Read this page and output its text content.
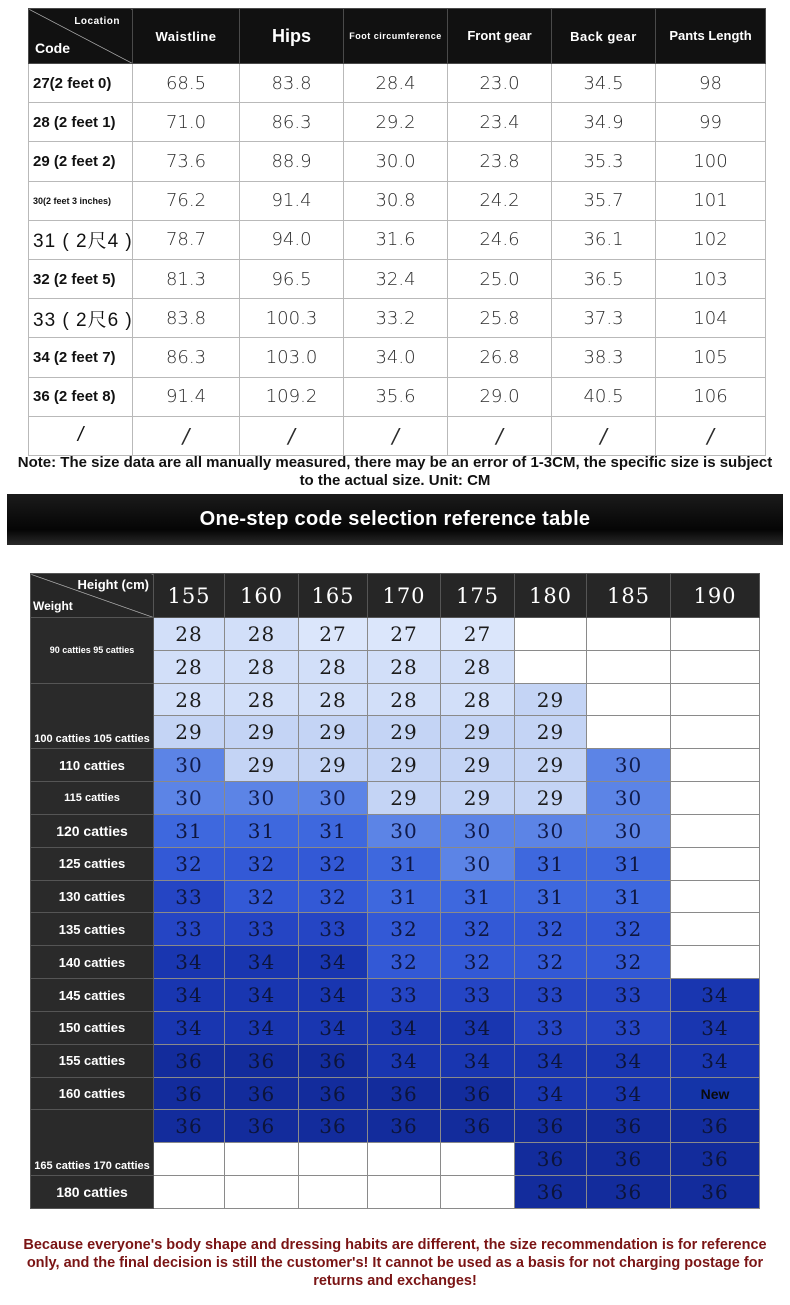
Location
Code	Waistline	Hips	Foot circumference	Front gear	Back gear	Pants Length
27(2 feet 0)	68.5	83.8	28.4	23.0	34.5	98
28 (2 feet 1)	71.0	86.3	29.2	23.4	34.9	99
29 (2 feet 2)	73.6	88.9	30.0	23.8	35.3	100
30(2 feet 3 inches)	76.2	91.4	30.8	24.2	35.7	101
31 ( 2尺4 )	78.7	94.0	31.6	24.6	36.1	102
32 (2 feet 5)	81.3	96.5	32.4	25.0	36.5	103
33 ( 2尺6 )	83.8	100.3	33.2	25.8	37.3	104
34 (2 feet 7)	86.3	103.0	34.0	26.8	38.3	105
36 (2 feet 8)	91.4	109.2	35.6	29.0	40.5	106
/	/	/	/	/	/	/
Note: The size data are all manually measured, there may be an error of 1-3CM, the specific size is subject to the actual size. Unit: CM
One-step code selection reference table
Height (cm)
Weight	155	160	165	170	175	180	185	190
90 catties 95 catties	28	28	27	27	27			
	28	28	28	28	28			
100 catties 105 catties	28	28	28	28	28	29		
	29	29	29	29	29	29		
110 catties	30	29	29	29	29	29	30	
115 catties	30	30	30	29	29	29	30	
120 catties	31	31	31	30	30	30	30	
125 catties	32	32	32	31	30	31	31	
130 catties	33	32	32	31	31	31	31	
135 catties	33	33	33	32	32	32	32	
140 catties	34	34	34	32	32	32	32	
145 catties	34	34	34	33	33	33	33	34
150 catties	34	34	34	34	34	33	33	34
155 catties	36	36	36	34	34	34	34	34
160 catties	36	36	36	36	36	34	34	New
165 catties 170 catties	36	36	36	36	36	36	36	36
						36	36	36
180 catties						36	36	36
Because everyone's body shape and dressing habits are different, the size recommendation is for reference only, and the final decision is still the customer's! It cannot be used as a basis for not charging postage for returns and exchanges!
